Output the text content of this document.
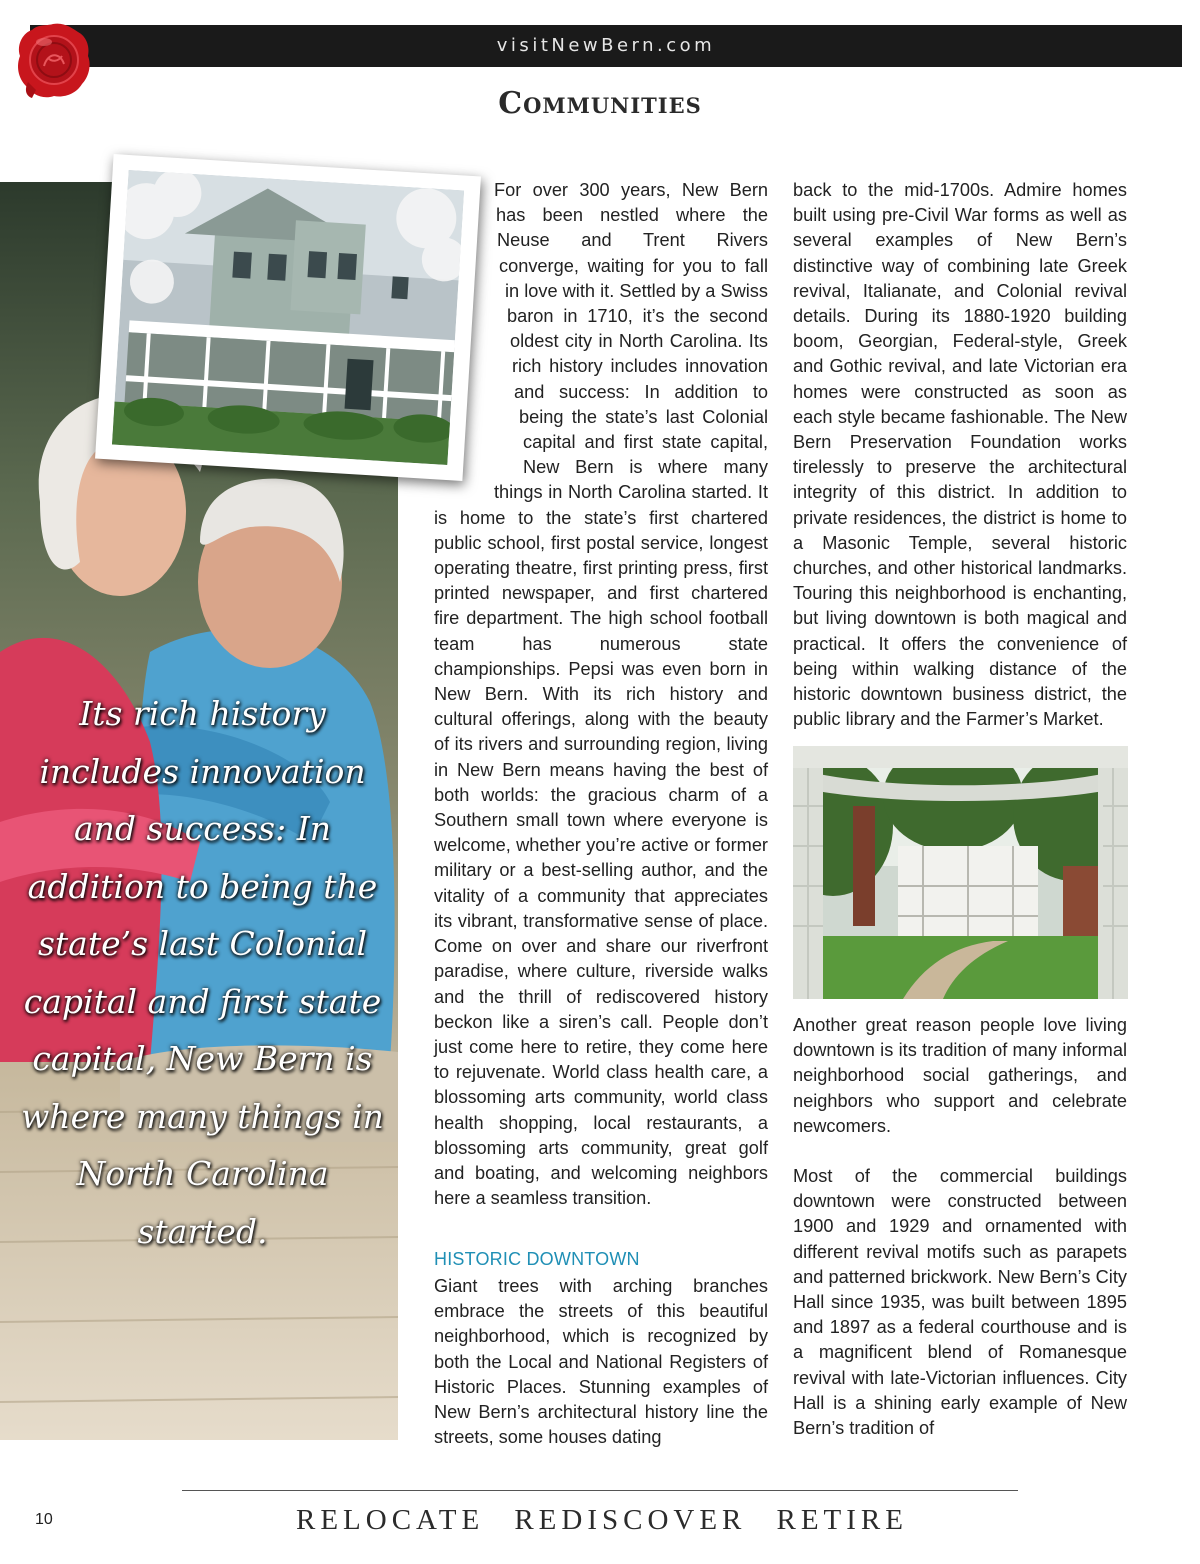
visitNewBern.com
Communities

Its rich history includes innovation and success: In addition to being the state’s last Colonial capital and first state capital, New Bern is where many things in North Carolina started.

For over 300 years, New Bern has been nestled where the Neuse and Trent Rivers converge, waiting for you to fall in love with it. Settled by a Swiss baron in 1710, it’s the second oldest city in North Carolina. Its rich history includes innovation and success: In addition to being the state’s last Colonial capital and first state capital, New Bern is where many things in North Carolina started. It is home to the state’s first chartered public school, first postal service, longest operating theatre, first printing press, first printed newspaper, and first chartered fire department. The high school football team has numerous state championships. Pepsi was even born in New Bern. With its rich history and cultural offerings, along with the beauty of its rivers and surrounding region, living in New Bern means having the best of both worlds: the gracious charm of a Southern small town where everyone is welcome, whether you’re active or former military or a best-selling author, and the vitality of a community that appreciates its vibrant, transformative sense of place. Come on over and share our riverfront paradise, where culture, riverside walks and the thrill of rediscovered history beckon like a siren’s call. People don’t just come here to retire, they come here to rejuvenate. World class health care, a blossoming arts community, world class health shopping, local restaurants, a blossoming arts community, great golf and boating, and welcoming neighbors here a seamless transition.

HISTORIC DOWNTOWN

Giant trees with arching branches embrace the streets of this beautiful neighborhood, which is recognized by both the Local and National Registers of Historic Places. Stunning examples of New Bern’s architectural history line the streets, some houses dating

back to the mid-1700s. Admire homes built using pre-Civil War forms as well as several examples of New Bern’s distinctive way of combining late Greek revival, Italianate, and Colonial revival details. During its 1880-1920 building boom, Georgian, Federal-style, Greek and Gothic revival, and late Victorian era homes were constructed as soon as each style became fashionable. The New Bern Preservation Foundation works tirelessly to preserve the architectural integrity of this district. In addition to private residences, the district is home to a Masonic Temple, several historic churches, and other historical landmarks. Touring this neighborhood is enchanting, but living downtown is both magical and practical. It offers the convenience of being within walking distance of the historic downtown business district, the public library and the Farmer’s Market.

Another great reason people love living downtown is its tradition of many informal neighborhood social gatherings, and neighbors who support and celebrate newcomers.

Most of the commercial buildings downtown were constructed between 1900 and 1929 and ornamented with different revival motifs such as parapets and patterned brickwork. New Bern’s City Hall since 1935, was built between 1895 and 1897 as a federal courthouse and is a magnificent blend of Romanesque revival with late-Victorian influences. City Hall is a shining early example of New Bern’s tradition of

10	RELOCATE REDISCOVER RETIRE
